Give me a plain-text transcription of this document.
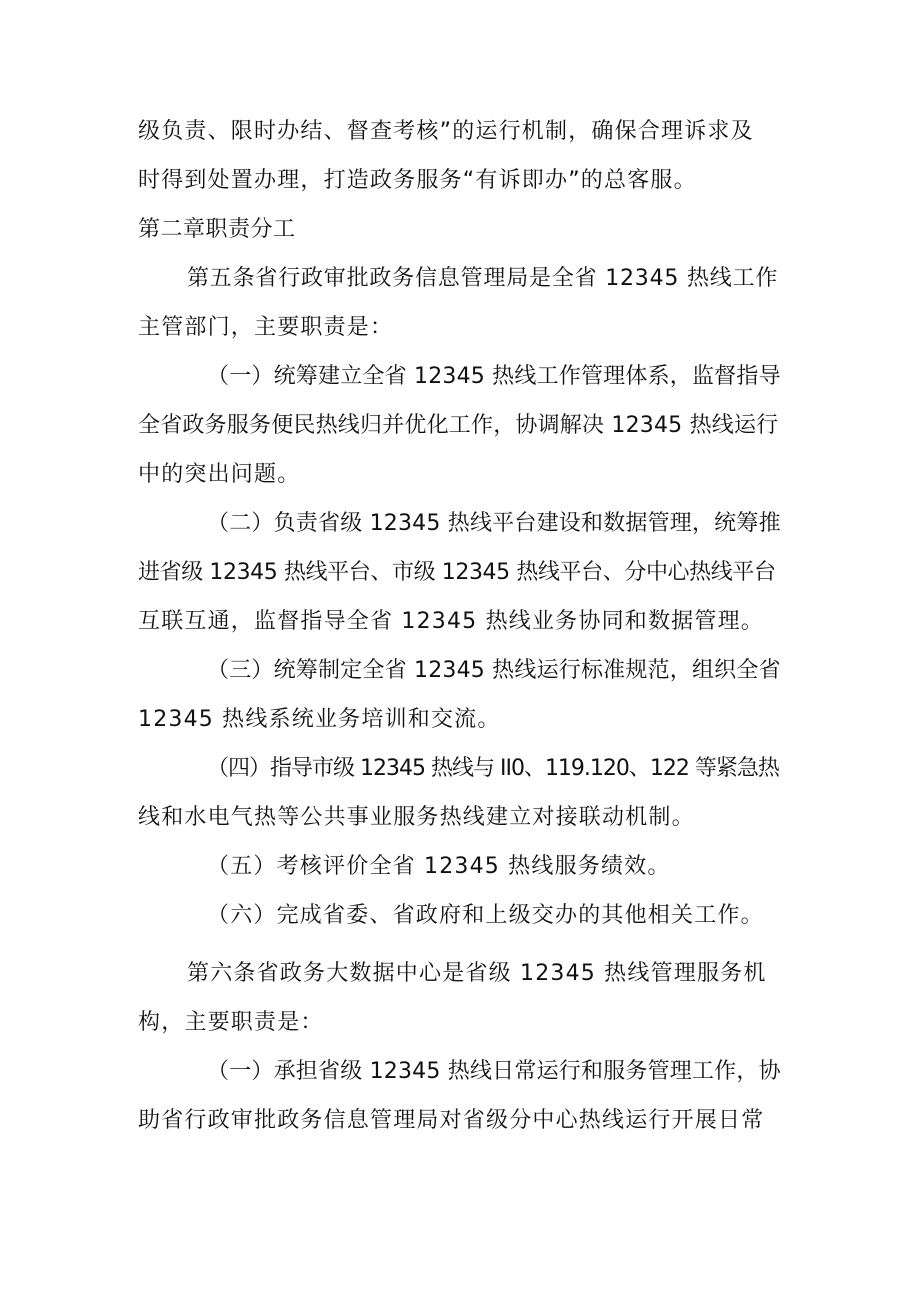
级负责、限时办结、督查考核”的运行机制，确保合理诉求及
时得到处置办理，打造政务服务“有诉即办”的总客服。
第二章职责分工
第五条省行政审批政务信息管理局是全省 12345 热线工作
主管部门，主要职责是：
（一）统筹建立全省 12345 热线工作管理体系，监督指导
全省政务服务便民热线归并优化工作，协调解决 12345 热线运行
中的突出问题。
（二）负责省级 12345 热线平台建设和数据管理，统筹推
进省级 12345 热线平台、市级 12345 热线平台、分中心热线平台
互联互通，监督指导全省 12345 热线业务协同和数据管理。
（三）统筹制定全省 12345 热线运行标准规范，组织全省
12345 热线系统业务培训和交流。
（四）指导市级 12345 热线与 II0、119.120、122 等紧急热
线和水电气热等公共事业服务热线建立对接联动机制。
（五）考核评价全省 12345 热线服务绩效。
（六）完成省委、省政府和上级交办的其他相关工作。
第六条省政务大数据中心是省级 12345 热线管理服务机
构，主要职责是：
（一）承担省级 12345 热线日常运行和服务管理工作，协
助省行政审批政务信息管理局对省级分中心热线运行开展日常
